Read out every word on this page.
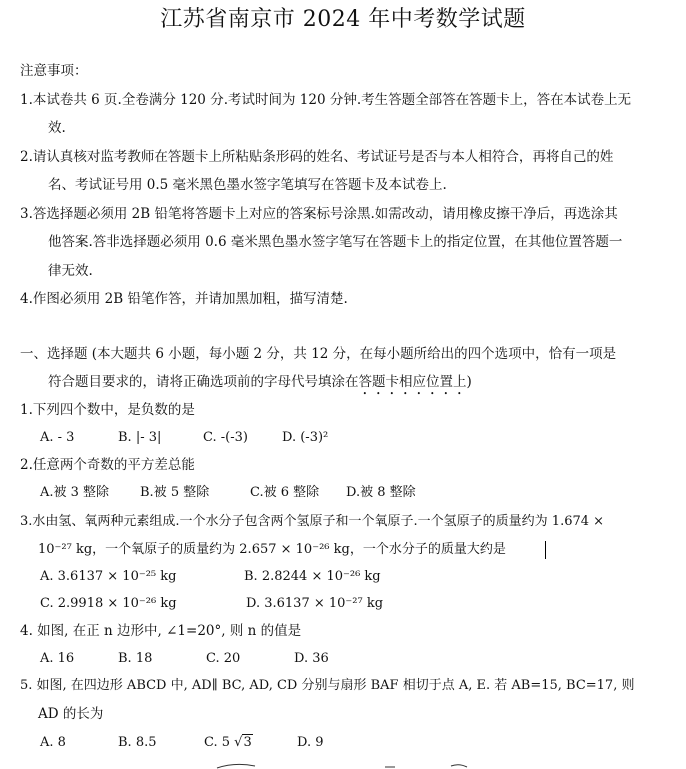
江苏省南京市 2024 年中考数学试题
注意事项：
1.本试卷共 6 页.全卷满分 120 分.考试时间为 120 分钟.考生答题全部答在答题卡上，答在本试卷上无
效.
2.请认真核对监考教师在答题卡上所粘贴条形码的姓名、考试证号是否与本人相符合，再将自己的姓
名、考试证号用 0.5 毫米黑色墨水签字笔填写在答题卡及本试卷上.
3.答选择题必须用 2B 铅笔将答题卡上对应的答案标号涂黑.如需改动，请用橡皮擦干净后，再选涂其
他答案.答非选择题必须用 0.6 毫米黑色墨水签字笔写在答题卡上的指定位置，在其他位置答题一
律无效.
4.作图必须用 2B 铅笔作答，并请加黑加粗，描写清楚.
一、选择题 (本大题共 6 小题，每小题 2 分，共 12 分，在每小题所给出的四个选项中，恰有一项是
符合题目要求的，请将正确选项前的字母代号填涂在答题卡相应位置上)
1.下列四个数中，是负数的是
A. - 3	B. |- 3|	C. -(-3)	D. (-3)²
2.任意两个奇数的平方差总能
A.被 3 整除 B.被 5 整除	C.被 6 整除 D.被 8 整除
3.水由氢、氧两种元素组成.一个水分子包含两个氢原子和一个氧原子.一个氢原子的质量约为 1.674 ×
10⁻²⁷ kg，一个氧原子的质量约为 2.657 × 10⁻²⁶ kg，一个水分子的质量大约是
A. 3.6137 × 10⁻²⁵ kg	B. 2.8244 × 10⁻²⁶ kg
C. 2.9918 × 10⁻²⁶ kg	D. 3.6137 × 10⁻²⁷ kg
4. 如图, 在正 n 边形中, ∠1=20°, 则 n 的值是
A. 16	B. 18	C. 20	D. 36
5. 如图, 在四边形 ABCD 中, AD∥ BC, AD, CD 分别与扇形 BAF 相切于点 A, E. 若 AB=15, BC=17, 则
AD 的长为
A. 8	B. 8.5	C. 5 √3	D. 9
